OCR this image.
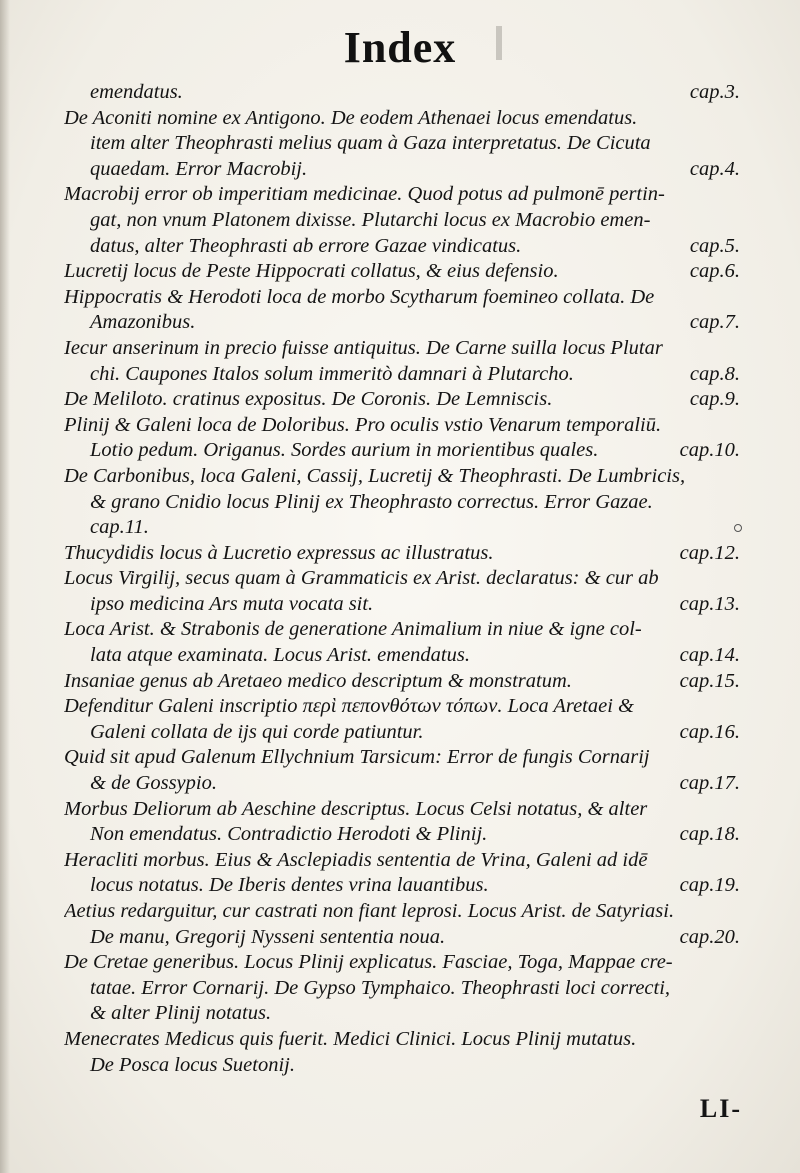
Index
cap.3.
emendatus.
De Aconiti nomine ex Antigono. De eodem Athenaei locus emendatus.
item alter Theophrasti melius quam à Gaza interpretatus. De Cicuta
cap.4.
quaedam. Error Macrobij.
Macrobij error ob imperitiam medicinae. Quod potus ad pulmonē pertin-
gat, non vnum Platonem dixisse. Plutarchi locus ex Macrobio emen-
cap.5.
datus, alter Theophrasti ab errore Gazae vindicatus.
cap.6.
Lucretij locus de Peste Hippocrati collatus, & eius defensio.
Hippocratis & Herodoti loca de morbo Scytharum foemineo collata. De
cap.7.
Amazonibus.
Iecur anserinum in precio fuisse antiquitus. De Carne suilla locus Plutar
cap.8.
chi. Caupones Italos solum immeritò damnari à Plutarcho.
cap.9.
De Meliloto. cratinus expositus. De Coronis. De Lemniscis.
Plinij & Galeni loca de Doloribus. Pro oculis vstio Venarum temporaliū.
cap.10.
Lotio pedum. Origanus. Sordes aurium in morientibus quales.
De Carbonibus, loca Galeni, Cassij, Lucretij & Theophrasti. De Lumbricis,
& grano Cnidio locus Plinij ex Theophrasto correctus. Error Gazae.
cap.11.
cap.12.
Thucydidis locus à Lucretio expressus ac illustratus.
Locus Virgilij, secus quam à Grammaticis ex Arist. declaratus: & cur ab
cap.13.
ipso medicina Ars muta vocata sit.
Loca Arist. & Strabonis de generatione Animalium in niue & igne col-
cap.14.
lata atque examinata. Locus Arist. emendatus.
cap.15.
Insaniae genus ab Aretaeo medico descriptum & monstratum.
Defenditur Galeni inscriptio περὶ πεπονθότων τόπων. Loca Aretaei &
cap.16.
Galeni collata de ijs qui corde patiuntur.
Quid sit apud Galenum Ellychnium Tarsicum: Error de fungis Cornarij
cap.17.
& de Gossypio.
Morbus Deliorum ab Aeschine descriptus. Locus Celsi notatus, & alter
cap.18.
Non emendatus. Contradictio Herodoti & Plinij.
Heracliti morbus. Eius & Asclepiadis sententia de Vrina, Galeni ad idē
cap.19.
locus notatus. De Iberis dentes vrina lauantibus.
Aetius redarguitur, cur castrati non fiant leprosi. Locus Arist. de Satyriasi.
cap.20.
De manu, Gregorij Nysseni sententia noua.
De Cretae generibus. Locus Plinij explicatus. Fasciae, Toga, Mappae cre-
tatae. Error Cornarij. De Gypso Tymphaico. Theophrasti loci correcti,
& alter Plinij notatus.
Menecrates Medicus quis fuerit. Medici Clinici. Locus Plinij mutatus.
De Posca locus Suetonij.
LI-
